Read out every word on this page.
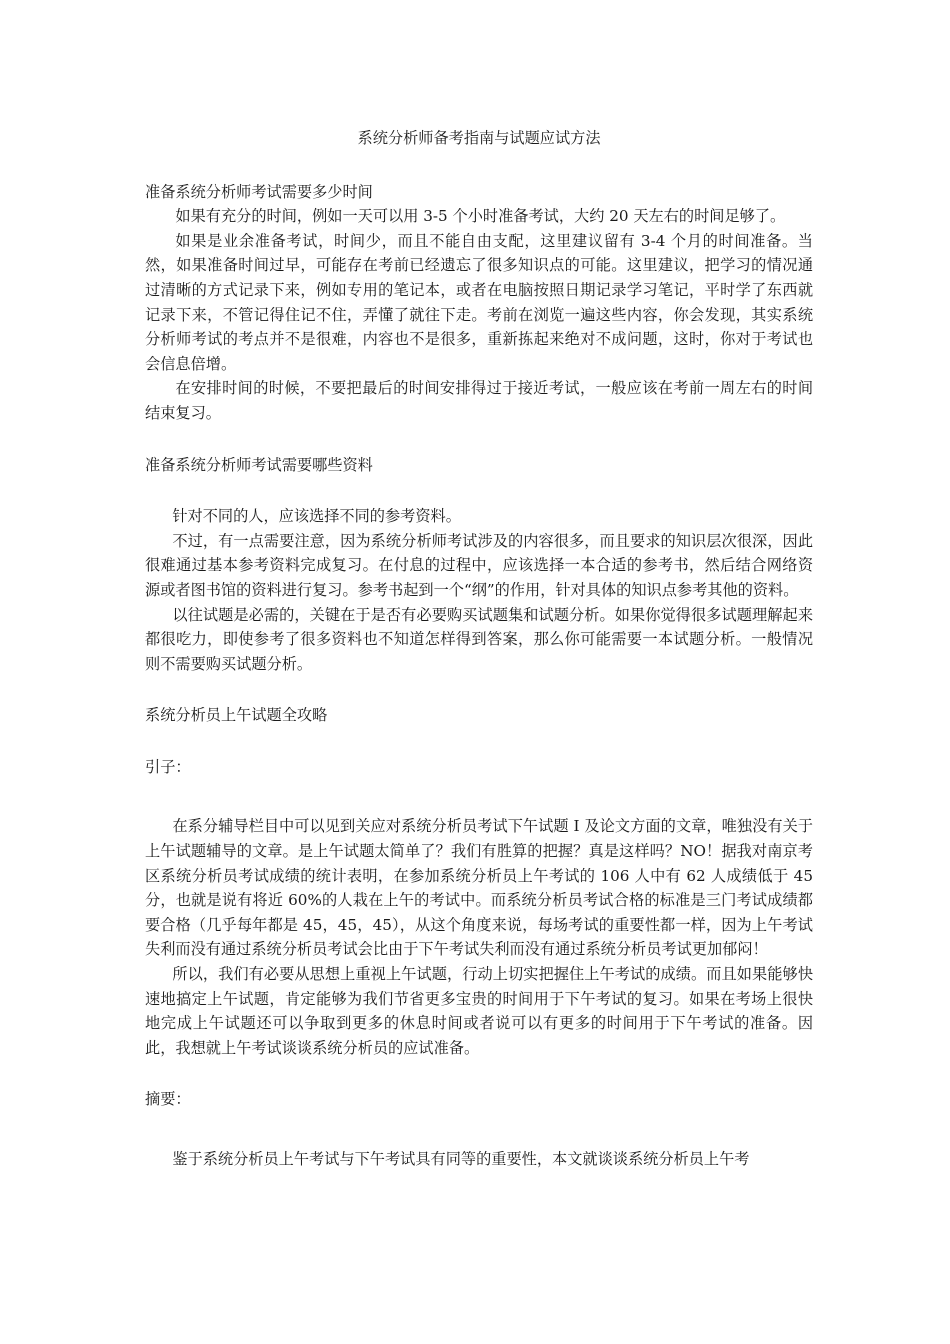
系统分析师备考指南与试题应试方法

准备系统分析师考试需要多少时间

如果有充分的时间，例如一天可以用 3-5 个小时准备考试，大约 20 天左右的时间足够了。

如果是业余准备考试，时间少，而且不能自由支配，这里建议留有 3-4 个月的时间准备。当然，如果准备时间过早，可能存在考前已经遗忘了很多知识点的可能。这里建议，把学习的情况通过清晰的方式记录下来，例如专用的笔记本，或者在电脑按照日期记录学习笔记，平时学了东西就记录下来，不管记得住记不住，弄懂了就往下走。考前在浏览一遍这些内容，你会发现，其实系统分析师考试的考点并不是很难，内容也不是很多，重新拣起来绝对不成问题，这时，你对于考试也会信息倍增。

在安排时间的时候，不要把最后的时间安排得过于接近考试，一般应该在考前一周左右的时间结束复习。

准备系统分析师考试需要哪些资料

针对不同的人，应该选择不同的参考资料。

不过，有一点需要注意，因为系统分析师考试涉及的内容很多，而且要求的知识层次很深，因此很难通过基本参考资料完成复习。在付息的过程中，应该选择一本合适的参考书，然后结合网络资源或者图书馆的资料进行复习。参考书起到一个“纲”的作用，针对具体的知识点参考其他的资料。

以往试题是必需的，关键在于是否有必要购买试题集和试题分析。如果你觉得很多试题理解起来都很吃力，即使参考了很多资料也不知道怎样得到答案，那么你可能需要一本试题分析。一般情况则不需要购买试题分析。

系统分析员上午试题全攻略

引子：

在系分辅导栏目中可以见到关应对系统分析员考试下午试题 I 及论文方面的文章，唯独没有关于上午试题辅导的文章。是上午试题太简单了？我们有胜算的把握？真是这样吗？NO！据我对南京考区系统分析员考试成绩的统计表明，在参加系统分析员上午考试的 106 人中有 62 人成绩低于 45 分，也就是说有将近 60%的人栽在上午的考试中。而系统分析员考试合格的标准是三门考试成绩都要合格（几乎每年都是 45，45，45），从这个角度来说，每场考试的重要性都一样，因为上午考试失利而没有通过系统分析员考试会比由于下午考试失利而没有通过系统分析员考试更加郁闷！

所以，我们有必要从思想上重视上午试题，行动上切实把握住上午考试的成绩。而且如果能够快速地搞定上午试题，肯定能够为我们节省更多宝贵的时间用于下午考试的复习。如果在考场上很快地完成上午试题还可以争取到更多的休息时间或者说可以有更多的时间用于下午考试的准备。因此，我想就上午考试谈谈系统分析员的应试准备。

摘要：

鉴于系统分析员上午考试与下午考试具有同等的重要性，本文就谈谈系统分析员上午考
